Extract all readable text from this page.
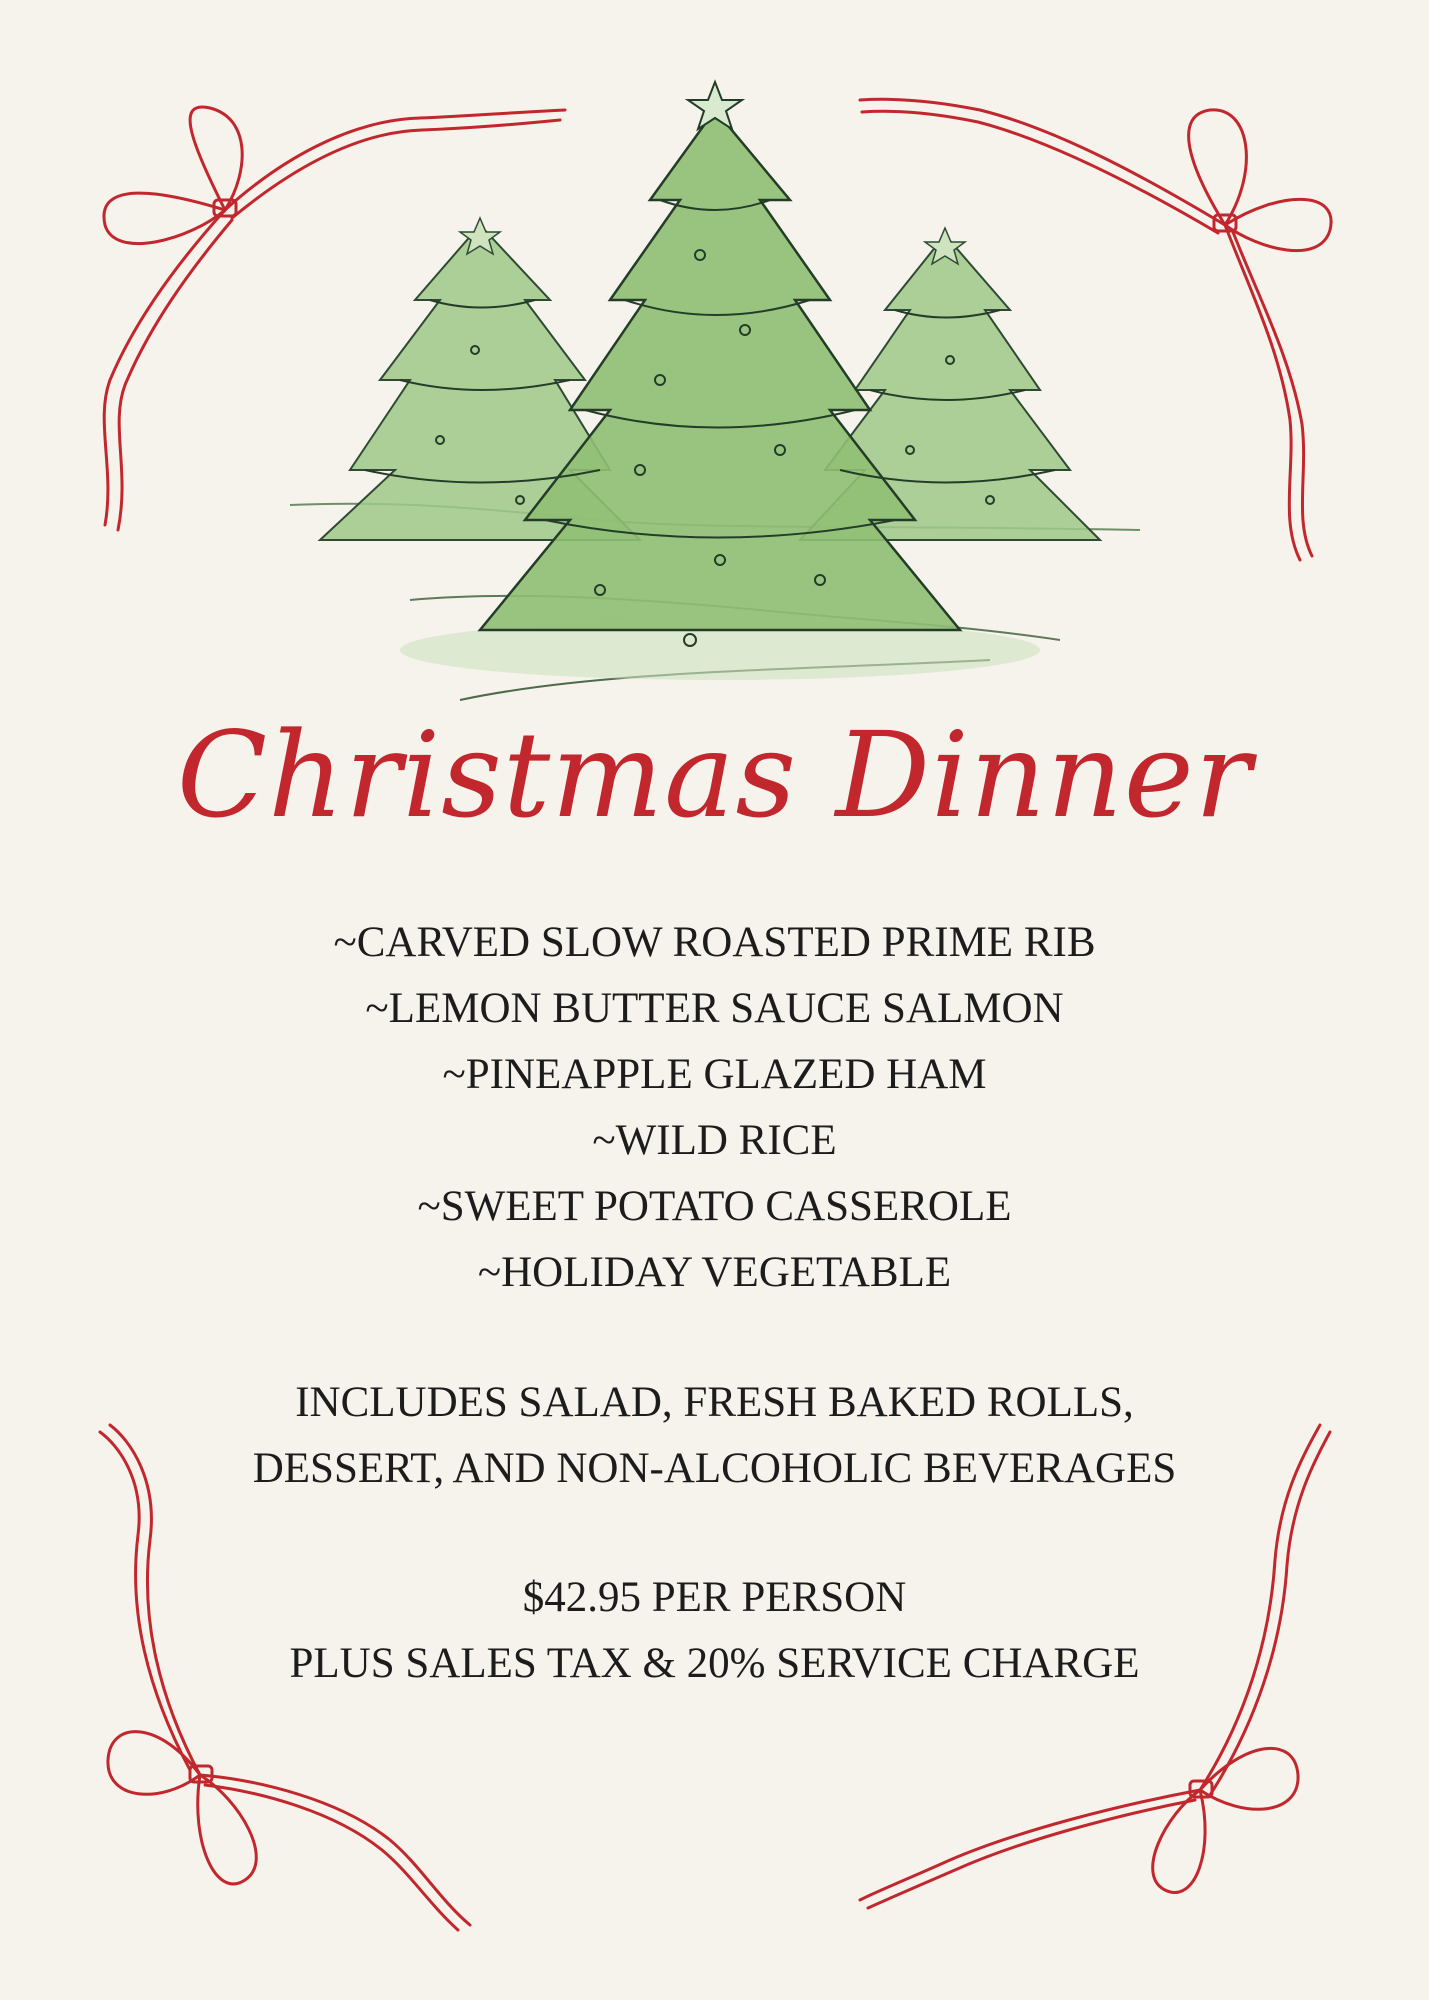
Christmas Dinner
~CARVED SLOW ROASTED PRIME RIB
~LEMON BUTTER SAUCE SALMON
~PINEAPPLE GLAZED HAM
~WILD RICE
~SWEET POTATO CASSEROLE
~HOLIDAY VEGETABLE
INCLUDES SALAD, FRESH BAKED ROLLS,
DESSERT, AND NON-ALCOHOLIC BEVERAGES
$42.95 PER PERSON
PLUS SALES TAX & 20% SERVICE CHARGE
